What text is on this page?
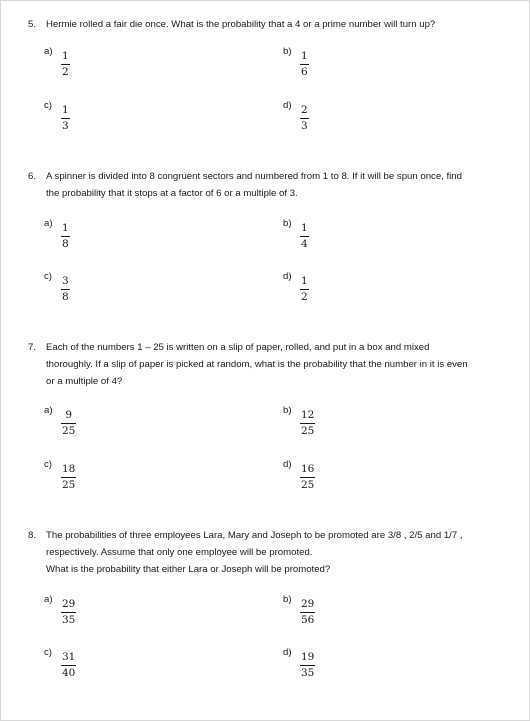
5.	Hermie rolled a fair die once. What is the probability that a 4 or a prime number will turn up?
a) 1
2
b) 1
6
c) 1
3
d) 2
3
6.	A spinner is divided into 8 congruent sectors and numbered from 1 to 8. If it will be spun once, find
the probability that it stops at a factor of 6 or a multiple of 3.
a) 1
8
b) 1
4
c) 3
8
d) 1
2
7.	Each of the numbers 1 – 25 is written on a slip of paper, rolled, and put in a box and mixed
thoroughly. If a slip of paper is picked at random, what is the probability that the number in it is even
or a multiple of 4?
a) 9
25
b) 12
25
c) 18
25
d) 16
25
8.	The probabilities of three employees Lara, Mary and Joseph to be promoted are 3/8 , 2/5 and 1/7 ,
respectively. Assume that only one employee will be promoted.
What is the probability that either Lara or Joseph will be promoted?
a) 29
35
b) 29
56
c) 31
40
d) 19
35
